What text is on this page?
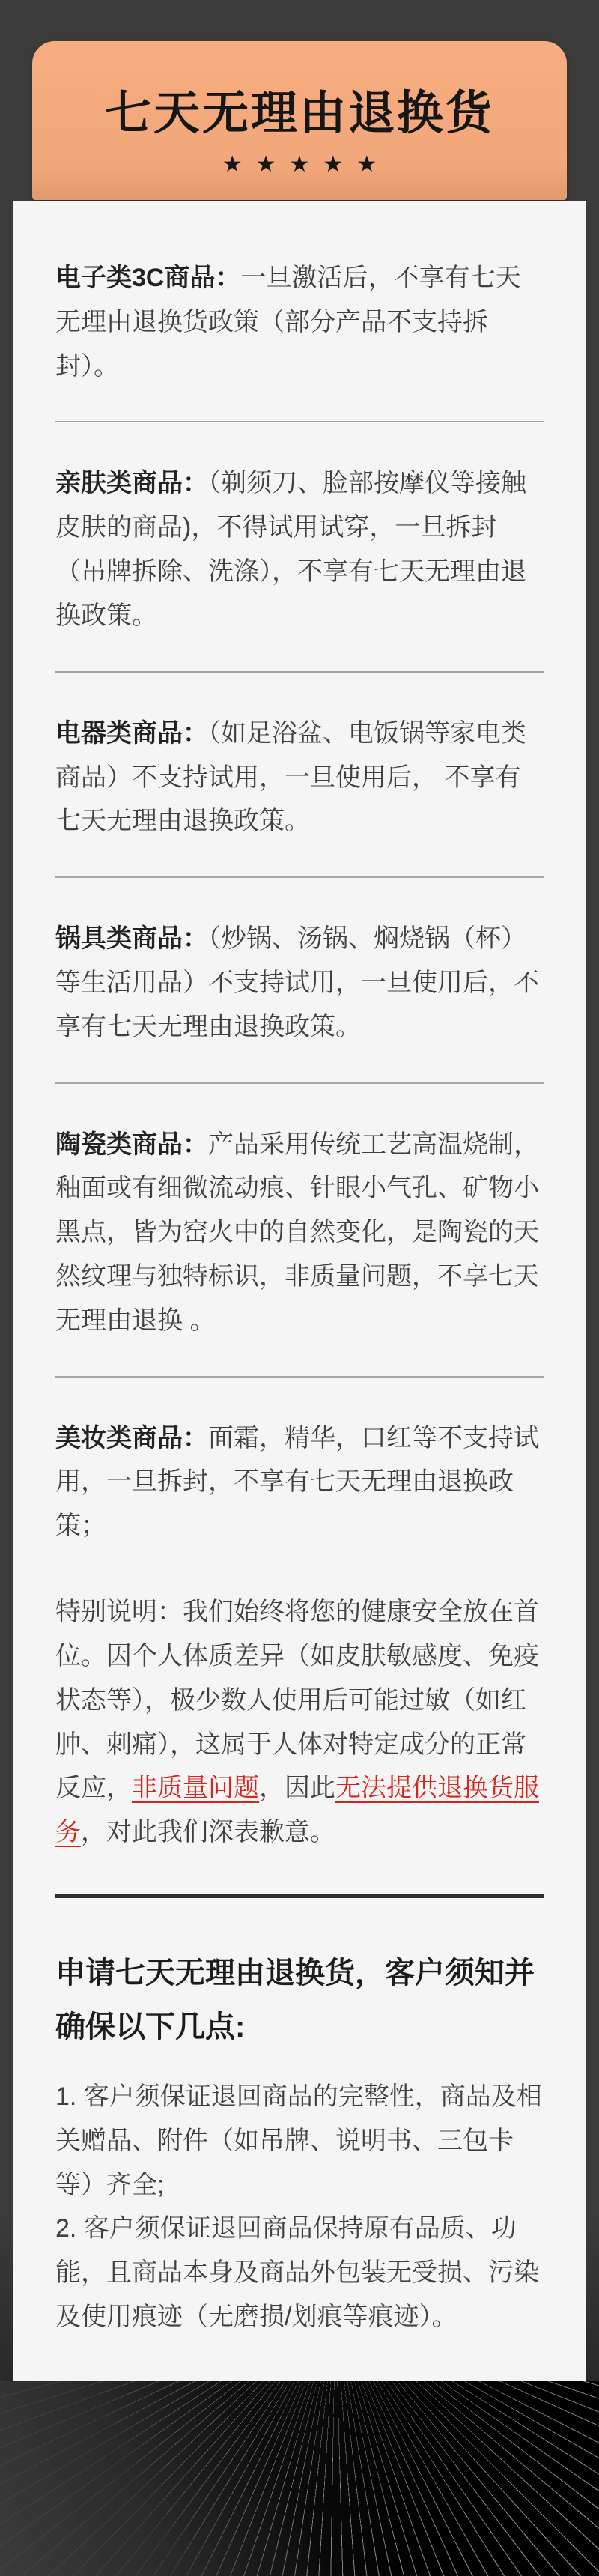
七天无理由退换货
★★★★★

电子类3C商品：一旦激活后，不享有七天无理由退换货政策（部分产品不支持拆封）。

亲肤类商品：（剃须刀、脸部按摩仪等接触皮肤的商品)，不得试用试穿，一旦拆封（吊牌拆除、洗涤），不享有七天无理由退换政策。

电器类商品：（如足浴盆、电饭锅等家电类商品）不支持试用，一旦使用后， 不享有七天无理由退换政策。

锅具类商品：（炒锅、汤锅、焖烧锅（杯）等生活用品）不支持试用，一旦使用后，不享有七天无理由退换政策。

陶瓷类商品：产品采用传统工艺高温烧制，釉面或有细微流动痕、针眼小气孔、矿物小黑点，皆为窑火中的自然变化，是陶瓷的天然纹理与独特标识，非质量问题，不享七天无理由退换 。

美妆类商品：面霜，精华，口红等不支持试用，一旦拆封，不享有七天无理由退换政策；

特别说明：我们始终将您的健康安全放在首位。因个人体质差异（如皮肤敏感度、免疫状态等），极少数人使用后可能过敏（如红肿、刺痛），这属于人体对特定成分的正常反应，非质量问题，因此无法提供退换货服务，对此我们深表歉意。

申请七天无理由退换货，客户须知并确保以下几点:

1. 客户须保证退回商品的完整性，商品及相关赠品、附件（如吊牌、说明书、三包卡等）齐全;

2. 客户须保证退回商品保持原有品质、功能，且商品本身及商品外包装无受损、污染及使用痕迹（无磨损/划痕等痕迹）。
